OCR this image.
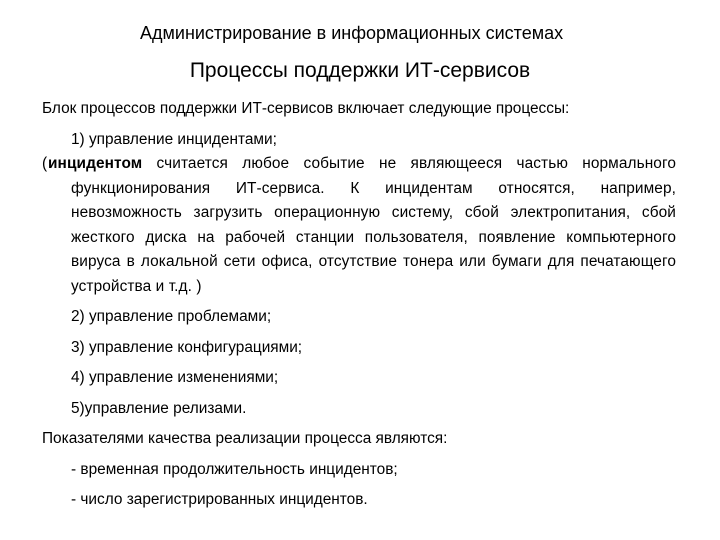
Администрирование в информационных системах
Процессы поддержки ИТ-сервисов

Блок процессов поддержки ИТ-сервисов включает следующие процессы:

1) управление инцидентами;

(инцидентом считается любое событие не являющееся частью нормального функционирования ИТ-сервиса. К инцидентам относятся, например, невозможность загрузить операционную систему, сбой электропитания, сбой жесткого диска на рабочей станции пользователя, появление компьютерного вируса в локальной сети офиса, отсутствие тонера или бумаги для печатающего устройства и т.д. )

2) управление проблемами;

3) управление конфигурациями;

4) управление изменениями;

5)управление релизами.

Показателями качества реализации процесса являются:

- временная продолжительность инцидентов;

- число зарегистрированных инцидентов.
